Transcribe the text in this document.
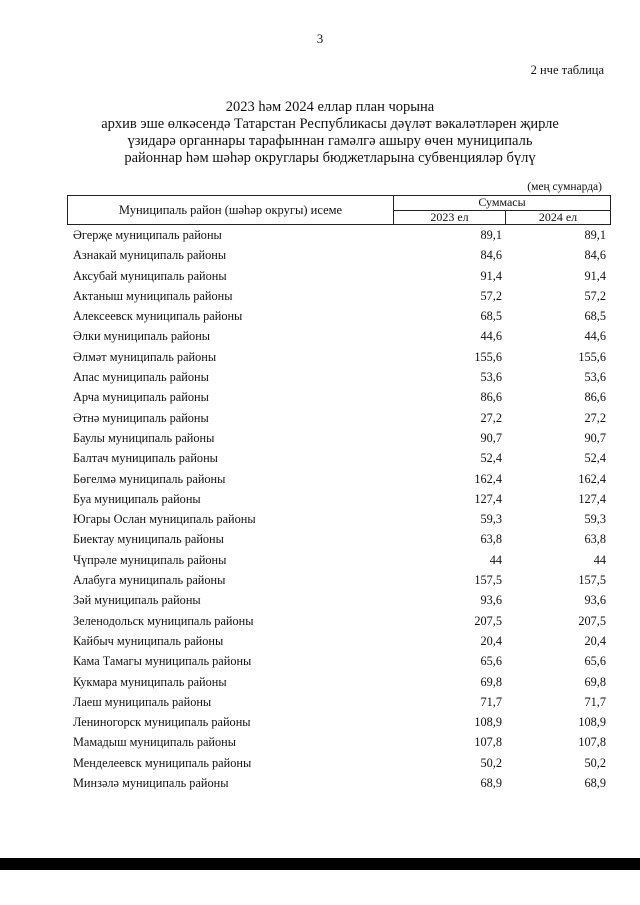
3
2 нче таблица
2023 һәм 2024 еллар план чорына
архив эше өлкәсендә Татарстан Республикасы дәүләт вәкаләтләрен җирле
үзидарә органнары тарафыннан гамәлгә ашыру өчен муниципаль
районнар һәм шәһәр округлары бюджетларына субвенцияләр бүлү
(мең сумнарда)
Муниципаль район (шәһәр округы) исеме
Суммасы
2023 ел	2024 ел
Әгерҗе муниципаль районы	89,1	89,1
Азнакай муниципаль районы	84,6	84,6
Аксубай муниципаль районы	91,4	91,4
Актаныш муниципаль районы	57,2	57,2
Алексеевск муниципаль районы	68,5	68,5
Әлки муниципаль районы	44,6	44,6
Әлмәт муниципаль районы	155,6	155,6
Апас муниципаль районы	53,6	53,6
Арча муниципаль районы	86,6	86,6
Әтнә муниципаль районы	27,2	27,2
Баулы муниципаль районы	90,7	90,7
Балтач муниципаль районы	52,4	52,4
Бөгелмә муниципаль районы	162,4	162,4
Буа муниципаль районы	127,4	127,4
Югары Ослан муниципаль районы	59,3	59,3
Биектау муниципаль районы	63,8	63,8
Чүпрәле муниципаль районы	44	44
Алабуга муниципаль районы	157,5	157,5
Зәй муниципаль районы	93,6	93,6
Зеленодольск муниципаль районы	207,5	207,5
Кайбыч муниципаль районы	20,4	20,4
Кама Тамагы муниципаль районы	65,6	65,6
Кукмара муниципаль районы	69,8	69,8
Лаеш муниципаль районы	71,7	71,7
Лениногорск муниципаль районы	108,9	108,9
Мамадыш муниципаль районы	107,8	107,8
Менделеевск муниципаль районы	50,2	50,2
Минзәлә муниципаль районы	68,9	68,9
